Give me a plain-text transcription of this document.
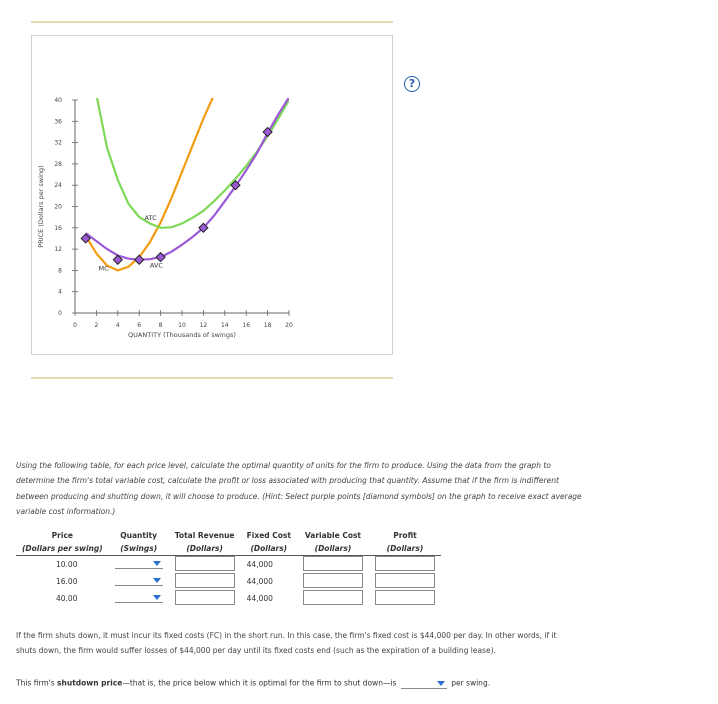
0
4
8
12
16
20
24
28
32
36
40
0	2	4	6	8	10 12 14 16 18 20
QUANTITY (Thousands of swings)
PRICE (Dollars per swing)	ATC
AVC
MC
?
Using the following table, for each price level, calculate the optimal quantity of units for the firm to produce. Using the data from the graph to
determine the firm's total variable cost, calculate the profit or loss associated with producing that quantity. Assume that if the firm is indifferent
between producing and shutting down, it will choose to produce. (Hint: Select purple points [diamond symbols] on the graph to receive exact average
variable cost information.)
Price	Quantity	Total Revenue	Fixed Cost	Variable Cost	Profit
(Dollars per swing)	(Swings)	(Dollars)	(Dollars)	(Dollars)	(Dollars)
10.00			44,000		
16.00			44,000		
40.00			44,000		
If the firm shuts down, it must incur its fixed costs (FC) in the short run. In this case, the firm's fixed cost is $44,000 per day. In other words, if it
shuts down, the firm would suffer losses of $44,000 per day until its fixed costs end (such as the expiration of a building lease).
This firm's shutdown price—that is, the price below which it is optimal for the firm to shut down—is	per swing.
